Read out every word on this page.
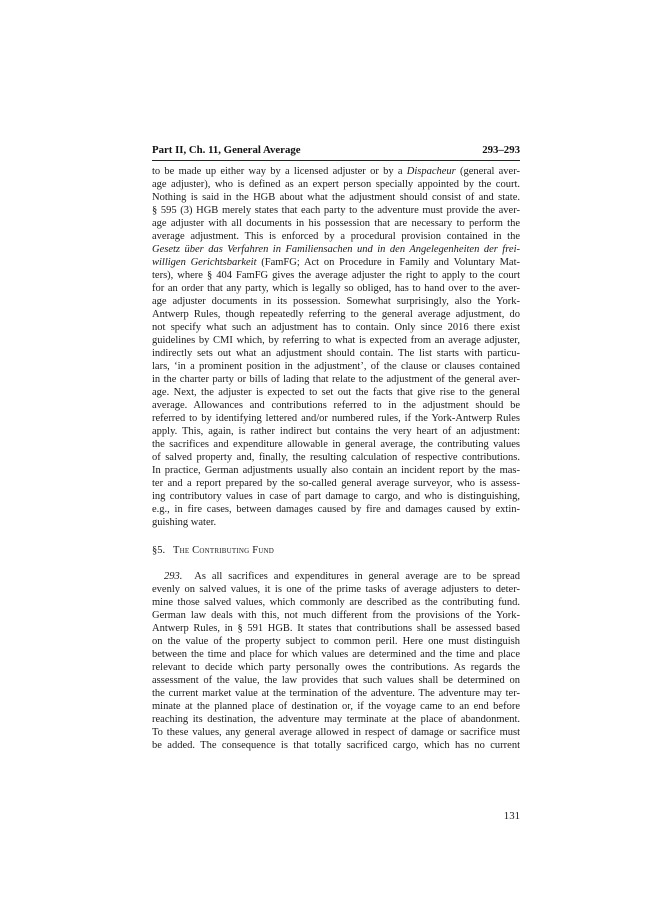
Part II, Ch. 11, General Average	293–293
to be made up either way by a licensed adjuster or by a Dispacheur (general aver-
age adjuster), who is defined as an expert person specially appointed by the court.
Nothing is said in the HGB about what the adjustment should consist of and state.
§ 595 (3) HGB merely states that each party to the adventure must provide the aver-
age adjuster with all documents in his possession that are necessary to perform the
average adjustment. This is enforced by a procedural provision contained in the
Gesetz über das Verfahren in Familiensachen und in den Angelegenheiten der frei-
willigen Gerichtsbarkeit (FamFG; Act on Procedure in Family and Voluntary Mat-
ters), where § 404 FamFG gives the average adjuster the right to apply to the court
for an order that any party, which is legally so obliged, has to hand over to the aver-
age adjuster documents in its possession. Somewhat surprisingly, also the York-
Antwerp Rules, though repeatedly referring to the general average adjustment, do
not specify what such an adjustment has to contain. Only since 2016 there exist
guidelines by CMI which, by referring to what is expected from an average adjuster,
indirectly sets out what an adjustment should contain. The list starts with particu-
lars, ‘in a prominent position in the adjustment’, of the clause or clauses contained
in the charter party or bills of lading that relate to the adjustment of the general aver-
age. Next, the adjuster is expected to set out the facts that give rise to the general
average. Allowances and contributions referred to in the adjustment should be
referred to by identifying lettered and/or numbered rules, if the York-Antwerp Rules
apply. This, again, is rather indirect but contains the very heart of an adjustment:
the sacrifices and expenditure allowable in general average, the contributing values
of salved property and, finally, the resulting calculation of respective contributions.
In practice, German adjustments usually also contain an incident report by the mas-
ter and a report prepared by the so-called general average surveyor, who is assess-
ing contributory values in case of part damage to cargo, and who is distinguishing,
e.g., in fire cases, between damages caused by fire and damages caused by extin-
guishing water.
§5. The Contributing Fund
293. As all sacrifices and expenditures in general average are to be spread
evenly on salved values, it is one of the prime tasks of average adjusters to deter-
mine those salved values, which commonly are described as the contributing fund.
German law deals with this, not much different from the provisions of the York-
Antwerp Rules, in § 591 HGB. It states that contributions shall be assessed based
on the value of the property subject to common peril. Here one must distinguish
between the time and place for which values are determined and the time and place
relevant to decide which party personally owes the contributions. As regards the
assessment of the value, the law provides that such values shall be determined on
the current market value at the termination of the adventure. The adventure may ter-
minate at the planned place of destination or, if the voyage came to an end before
reaching its destination, the adventure may terminate at the place of abandonment.
To these values, any general average allowed in respect of damage or sacrifice must
be added. The consequence is that totally sacrificed cargo, which has no current
131
